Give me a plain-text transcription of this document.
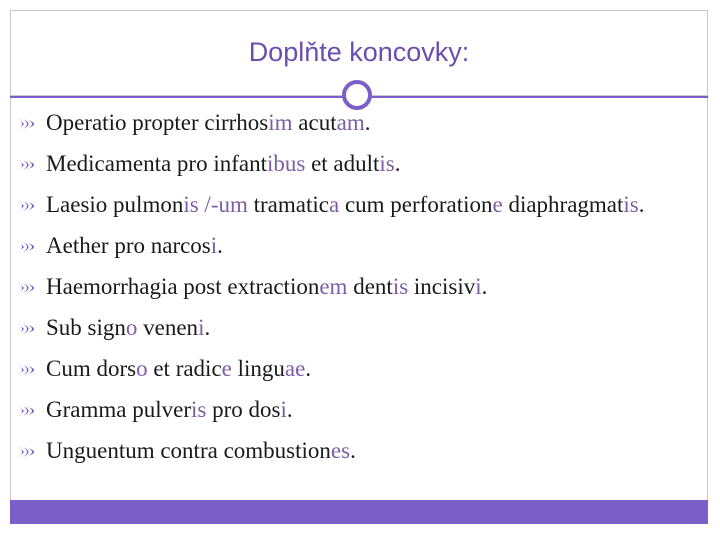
Doplňte koncovky:
Operatio propter cirrhosim acutam.
Medicamenta pro infantibus et adultis.
Laesio pulmonis /-um tramatica cum perforatione diaphragmatis.
Aether pro narcosi.
Haemorrhagia post extractionem dentis incisivi.
Sub signo veneni.
Cum dorso et radice linguae.
Gramma pulveris pro dosi.
Unguentum contra combustiones.
